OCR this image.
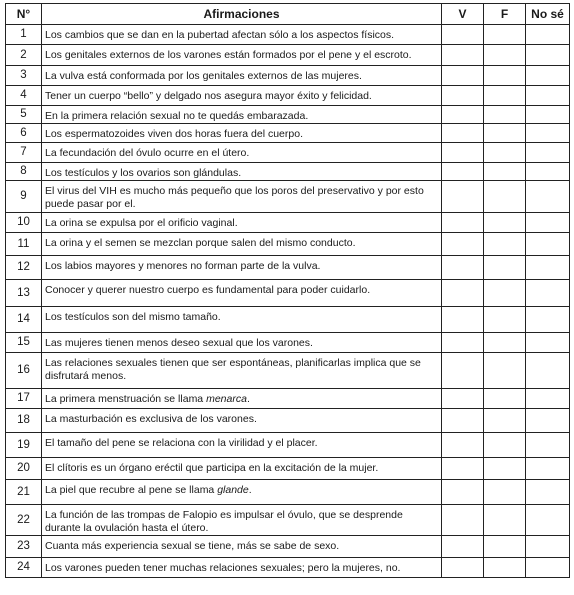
N°	Afirmaciones	V	F	No sé
1	Los cambios que se dan en la pubertad afectan sólo a los aspectos físicos.			
2	Los genitales externos de los varones están formados por el pene y el escroto.			
3	La vulva está conformada por los genitales externos de las mujeres.			
4	Tener un cuerpo “bello” y delgado nos asegura mayor éxito y felicidad.			
5	En la primera relación sexual no te quedás embarazada.			
6	Los espermatozoides viven dos horas fuera del cuerpo.			
7	La fecundación del óvulo ocurre en el útero.			
8	Los testículos y los ovarios son glándulas.			
9	El virus del VIH es mucho más pequeño que los poros del preservativo y por esto puede pasar por el.			
10	La orina se expulsa por el orificio vaginal.			
11	La orina y el semen se mezclan porque salen del mismo conducto.			
12	Los labios mayores y menores no forman parte de la vulva.			
13	Conocer y querer nuestro cuerpo es fundamental para poder cuidarlo.			
14	Los testículos son del mismo tamaño.			
15	Las mujeres tienen menos deseo sexual que los varones.			
16	Las relaciones sexuales tienen que ser espontáneas, planificarlas implica que se disfrutará menos.			
17	La primera menstruación se llama menarca.			
18	La masturbación es exclusiva de los varones.			
19	El tamaño del pene se relaciona con la virilidad y el placer.			
20	El clítoris es un órgano eréctil que participa en la excitación de la mujer.			
21	La piel que recubre al pene se llama glande.			
22	La función de las trompas de Falopio es impulsar el óvulo, que se desprende durante la ovulación hasta el útero.			
23	Cuanta más experiencia sexual se tiene, más se sabe de sexo.			
24	Los varones pueden tener muchas relaciones sexuales; pero la mujeres, no.			
